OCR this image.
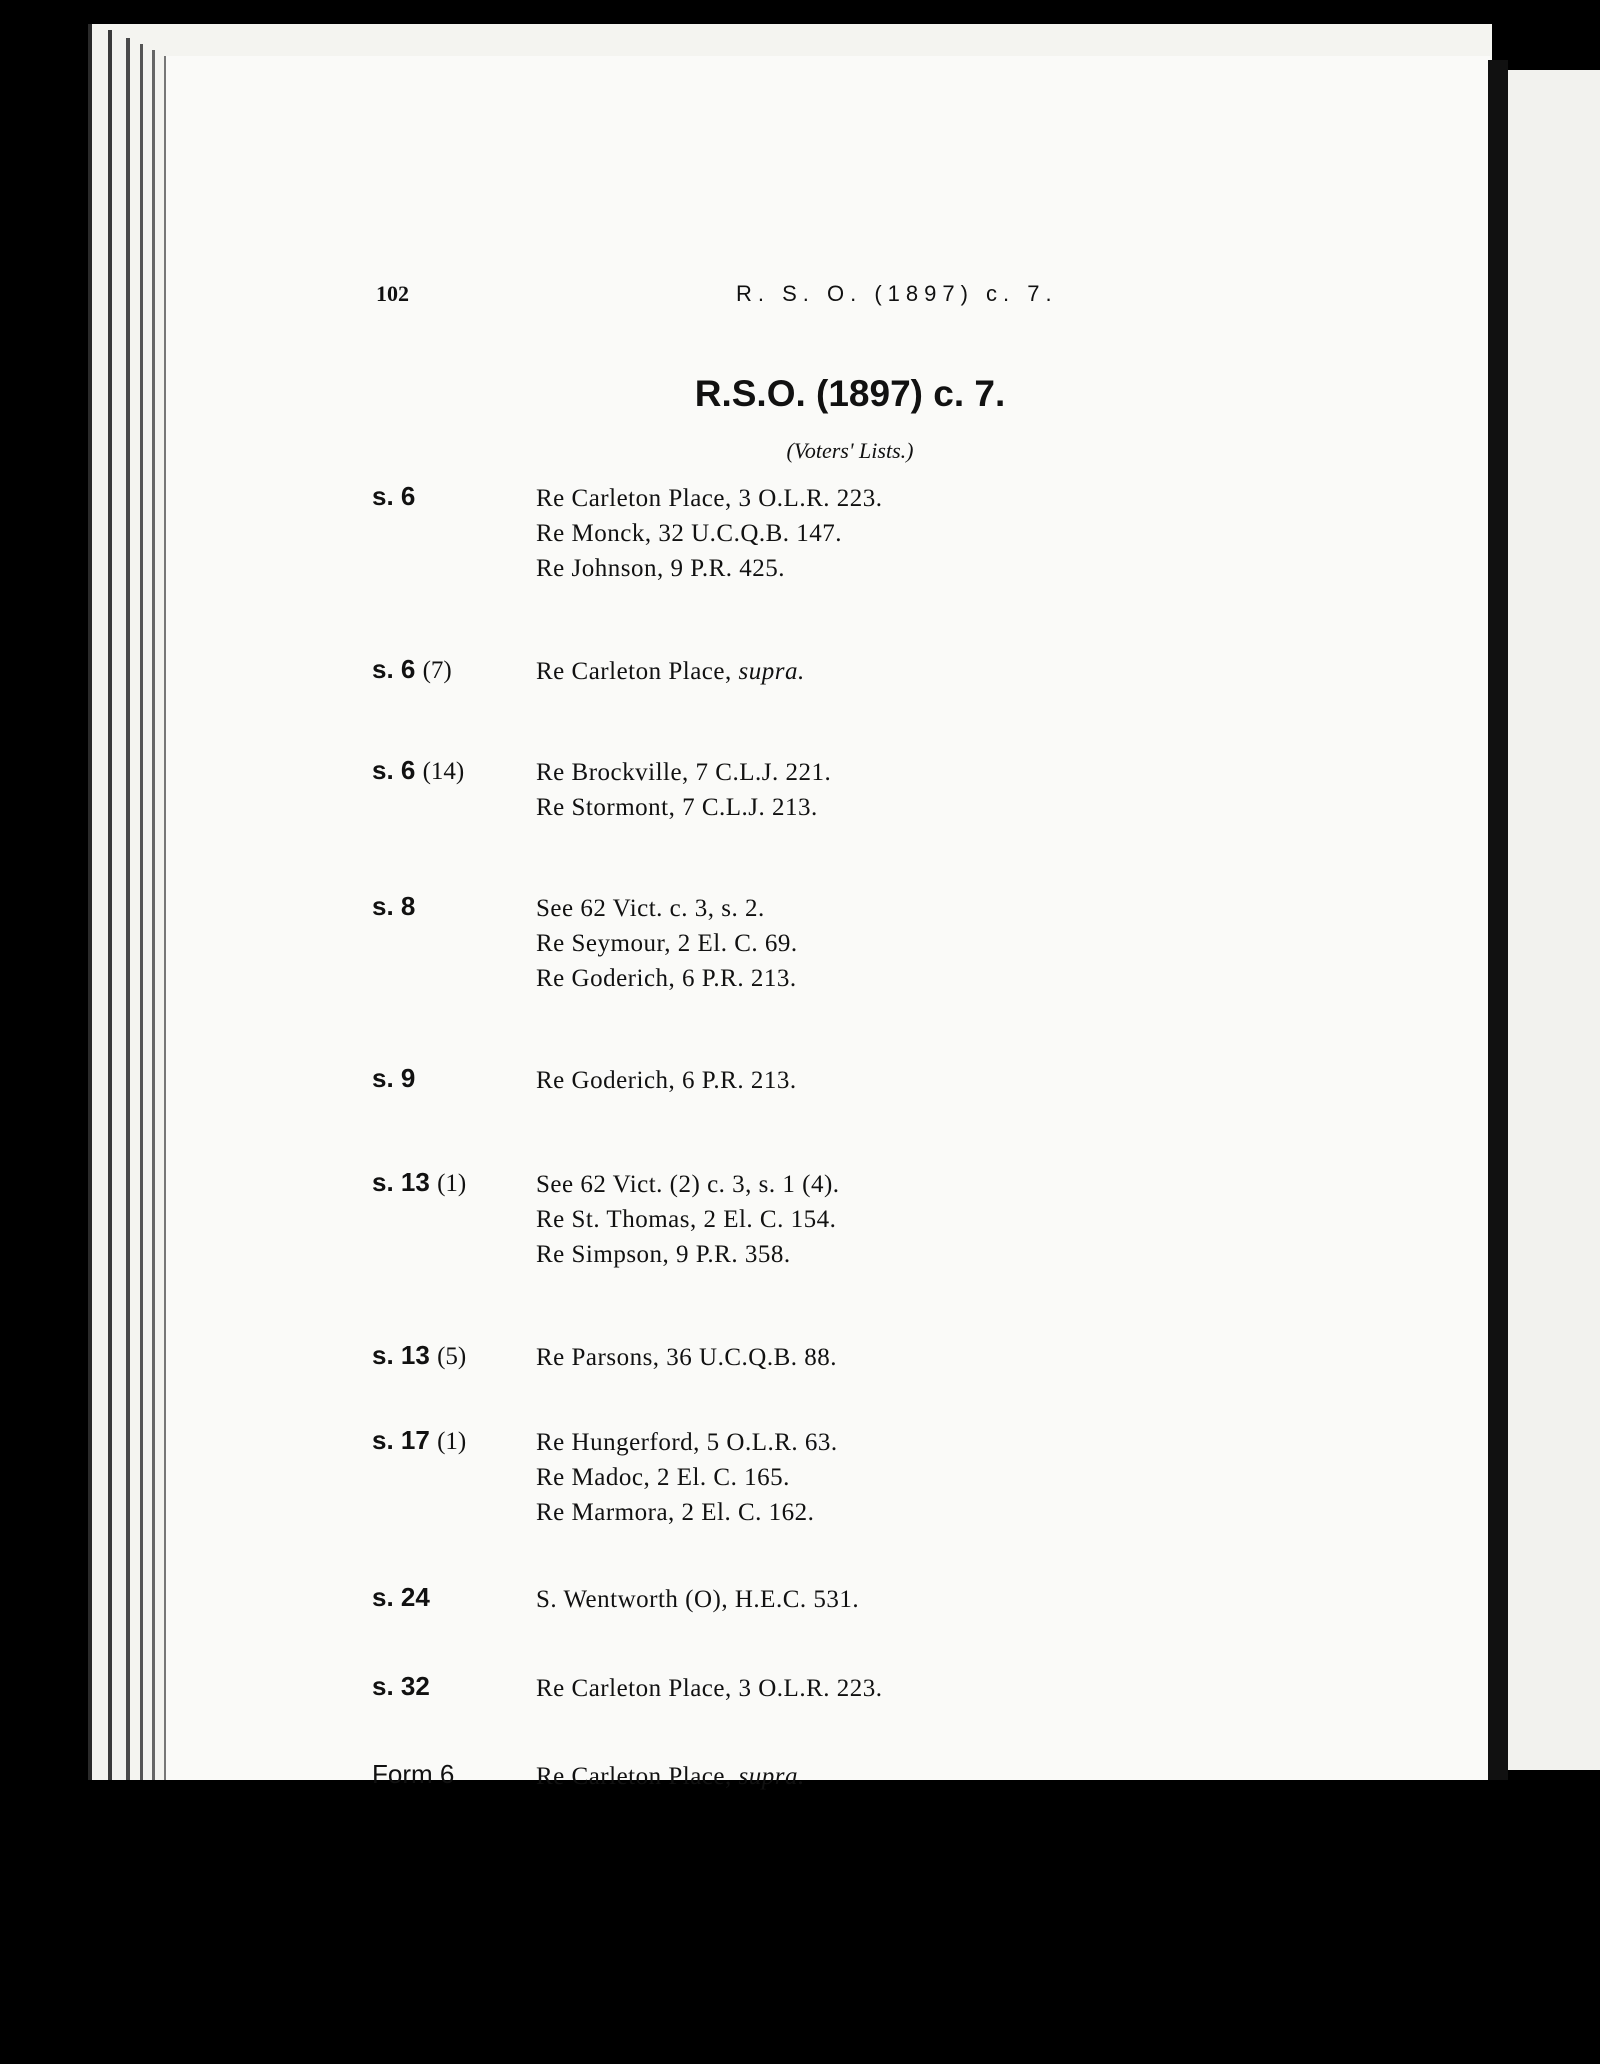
102	R. S. O. (1897) c. 7.
R.S.O. (1897) c. 7.
(Voters' Lists.)
s. 6	Re Carleton Place, 3 O.L.R. 223.
Re Monck, 32 U.C.Q.B. 147.
Re Johnson, 9 P.R. 425.
s. 6 (7)	Re Carleton Place, supra.
s. 6 (14)	Re Brockville, 7 C.L.J. 221.
Re Stormont, 7 C.L.J. 213.
s. 8	See 62 Vict. c. 3, s. 2.
Re Seymour, 2 El. C. 69.
Re Goderich, 6 P.R. 213.
s. 9	Re Goderich, 6 P.R. 213.
s. 13 (1)	See 62 Vict. (2) c. 3, s. 1 (4).
Re St. Thomas, 2 El. C. 154.
Re Simpson, 9 P.R. 358.
s. 13 (5)	Re Parsons, 36 U.C.Q.B. 88.
s. 17 (1)	Re Hungerford, 5 O.L.R. 63.
Re Madoc, 2 El. C. 165.
Re Marmora, 2 El. C. 162.
s. 24	S. Wentworth (O), H.E.C. 531.
s. 32	Re Carleton Place, 3 O.L.R. 223.
Form 6	Re Carleton Place, supra.
